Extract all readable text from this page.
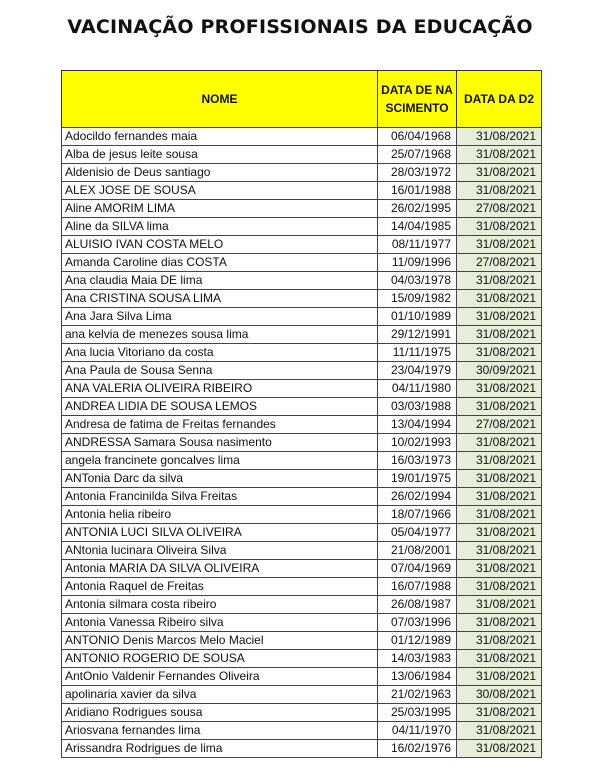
VACINAÇÃO PROFISSIONAIS DA EDUCAÇÃO
NOME	DATA DE NASCIMENTO	DATA DA D2
Adocildo fernandes maia	06/04/1968	31/08/2021
Alba de jesus leite sousa	25/07/1968	31/08/2021
Aldenisio de Deus santiago	28/03/1972	31/08/2021
ALEX JOSE DE SOUSA	16/01/1988	31/08/2021
Aline AMORIM LIMA	26/02/1995	27/08/2021
Aline da SILVA lima	14/04/1985	31/08/2021
ALUISIO IVAN COSTA MELO	08/11/1977	31/08/2021
Amanda Caroline dias COSTA	11/09/1996	27/08/2021
Ana claudia Maia DE lima	04/03/1978	31/08/2021
Ana CRISTINA SOUSA LIMA	15/09/1982	31/08/2021
Ana Jara Silva Lima	01/10/1989	31/08/2021
ana kelvia de menezes sousa lima	29/12/1991	31/08/2021
Ana lucia Vitoriano da costa	11/11/1975	31/08/2021
Ana Paula de Sousa Senna	23/04/1979	30/09/2021
ANA VALERIA OLIVEIRA RIBEIRO	04/11/1980	31/08/2021
ANDREA LIDIA DE SOUSA LEMOS	03/03/1988	31/08/2021
Andresa de fatima de Freitas fernandes	13/04/1994	27/08/2021
ANDRESSA Samara Sousa nasimento	10/02/1993	31/08/2021
angela francinete goncalves lima	16/03/1973	31/08/2021
ANTonia Darc da silva	19/01/1975	31/08/2021
Antonia Francinilda Silva Freitas	26/02/1994	31/08/2021
Antonia helia ribeiro	18/07/1966	31/08/2021
ANTONIA LUCI SILVA OLIVEIRA	05/04/1977	31/08/2021
ANtonia lucinara Oliveira Silva	21/08/2001	31/08/2021
Antonia MARIA DA SILVA OLIVEIRA	07/04/1969	31/08/2021
Antonia Raquel de Freitas	16/07/1988	31/08/2021
Antonia silmara costa ribeiro	26/08/1987	31/08/2021
Antonia Vanessa Ribeiro silva	07/03/1996	31/08/2021
ANTONIO Denis Marcos Melo Maciel	01/12/1989	31/08/2021
ANTONIO ROGERIO DE SOUSA	14/03/1983	31/08/2021
AntOnio Valdenir Fernandes Oliveira	13/06/1984	31/08/2021
apolinaria xavier da silva	21/02/1963	30/08/2021
Aridiano Rodrigues sousa	25/03/1995	31/08/2021
Ariosvana fernandes lima	04/11/1970	31/08/2021
Arissandra Rodrigues de lima	16/02/1976	31/08/2021
